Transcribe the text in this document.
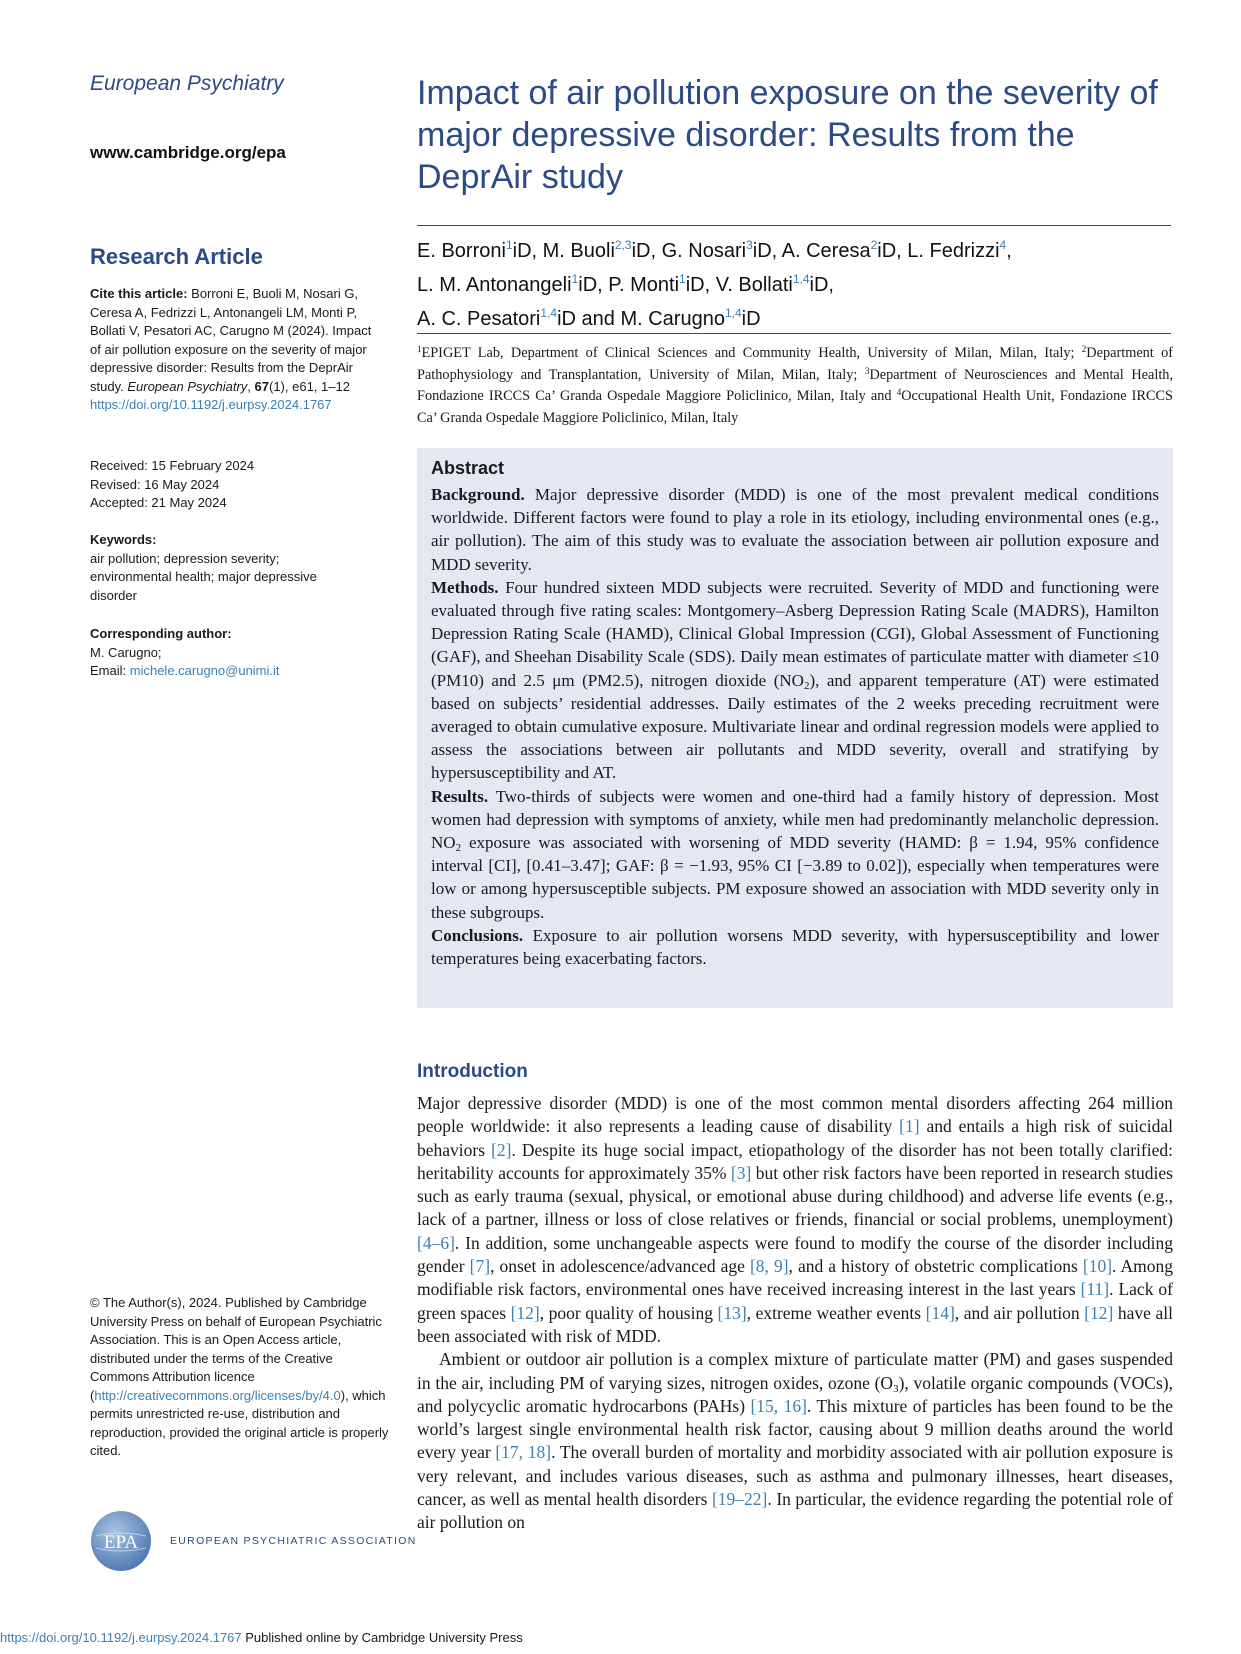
European Psychiatry
www.cambridge.org/epa
Research Article
Cite this article: Borroni E, Buoli M, Nosari G, Ceresa A, Fedrizzi L, Antonangeli LM, Monti P, Bollati V, Pesatori AC, Carugno M (2024). Impact of air pollution exposure on the severity of major depressive disorder: Results from the DeprAir study. European Psychiatry, 67(1), e61, 1–12
https://doi.org/10.1192/j.eurpsy.2024.1767
Received: 15 February 2024
Revised: 16 May 2024
Accepted: 21 May 2024
Keywords:
air pollution; depression severity; environmental health; major depressive disorder
Corresponding author:
M. Carugno;
Email: michele.carugno@unimi.it
© The Author(s), 2024. Published by Cambridge University Press on behalf of European Psychiatric Association. This is an Open Access article, distributed under the terms of the Creative Commons Attribution licence (http://creativecommons.org/licenses/by/4.0), which permits unrestricted re-use, distribution and reproduction, provided the original article is properly cited.
EPA	EUROPEAN PSYCHIATRIC ASSOCIATION
Impact of air pollution exposure on the severity of major depressive disorder: Results from the DeprAir study
E. Borroni$^1$iD, M. Buoli$^{2,3}$iD, G. Nosari$^3$iD, A. Ceresa$^2$iD, L. Fedrizzi$^4$,
L. M. Antonangeli$^1$iD, P. Monti$^1$iD, V. Bollati$^{1,4}$iD,
A. C. Pesatori$^{1,4}$iD and M. Carugno$^{1,4}$iD
$^1$EPIGET Lab, Department of Clinical Sciences and Community Health, University of Milan, Milan, Italy; $^2$Department of Pathophysiology and Transplantation, University of Milan, Milan, Italy; $^3$Department of Neurosciences and Mental Health, Fondazione IRCCS Ca’ Granda Ospedale Maggiore Policlinico, Milan, Italy and $^4$Occupational Health Unit, Fondazione IRCCS Ca’ Granda Ospedale Maggiore Policlinico, Milan, Italy
Abstract
Background. Major depressive disorder (MDD) is one of the most prevalent medical conditions worldwide. Different factors were found to play a role in its etiology, including environmental ones (e.g., air pollution). The aim of this study was to evaluate the association between air pollution exposure and MDD severity.
Methods. Four hundred sixteen MDD subjects were recruited. Severity of MDD and functioning were evaluated through five rating scales: Montgomery–Asberg Depression Rating Scale (MADRS), Hamilton Depression Rating Scale (HAMD), Clinical Global Impression (CGI), Global Assessment of Functioning (GAF), and Sheehan Disability Scale (SDS). Daily mean estimates of particulate matter with diameter ≤10 (PM10) and 2.5 μm (PM2.5), nitrogen dioxide $(NO_2)$, and apparent temperature (AT) were estimated based on subjects’ residential addresses. Daily estimates of the 2 weeks preceding recruitment were averaged to obtain cumulative exposure. Multivariate linear and ordinal regression models were applied to assess the associations between air pollutants and MDD severity, overall and stratifying by hypersusceptibility and AT.
Results. Two-thirds of subjects were women and one-third had a family history of depression. Most women had depression with symptoms of anxiety, while men had predominantly melancholic depression. $NO_2$ exposure was associated with worsening of MDD severity (HAMD: β = 1.94, 95% confidence interval [CI], [0.41–3.47]; GAF: β = −1.93, 95% CI [−3.89 to 0.02]), especially when temperatures were low or among hypersusceptible subjects. PM exposure showed an association with MDD severity only in these subgroups.
Conclusions. Exposure to air pollution worsens MDD severity, with hypersusceptibility and lower temperatures being exacerbating factors.
Introduction

Major depressive disorder (MDD) is one of the most common mental disorders affecting 264 million people worldwide: it also represents a leading cause of disability [1] and entails a high risk of suicidal behaviors [2]. Despite its huge social impact, etiopathology of the disorder has not been totally clarified: heritability accounts for approximately 35% [3] but other risk factors have been reported in research studies such as early trauma (sexual, physical, or emotional abuse during childhood) and adverse life events (e.g., lack of a partner, illness or loss of close relatives or friends, financial or social problems, unemployment) [4–6]. In addition, some unchangeable aspects were found to modify the course of the disorder including gender [7], onset in adolescence/advanced age [8, 9], and a history of obstetric complications [10]. Among modifiable risk factors, environmental ones have received increasing interest in the last years [11]. Lack of green spaces [12], poor quality of housing [13], extreme weather events [14], and air pollution [12] have all been associated with risk of MDD.

Ambient or outdoor air pollution is a complex mixture of particulate matter (PM) and gases suspended in the air, including PM of varying sizes, nitrogen oxides, ozone $(O_3)$, volatile organic compounds (VOCs), and polycyclic aromatic hydrocarbons (PAHs) [15, 16]. This mixture of particles has been found to be the world’s largest single environmental health risk factor, causing about 9 million deaths around the world every year [17, 18]. The overall burden of mortality and morbidity associated with air pollution exposure is very relevant, and includes various diseases, such as asthma and pulmonary illnesses, heart diseases, cancer, as well as mental health disorders [19–22]. In particular, the evidence regarding the potential role of air pollution on

https://doi.org/10.1192/j.eurpsy.2024.1767 Published online by Cambridge University Press
